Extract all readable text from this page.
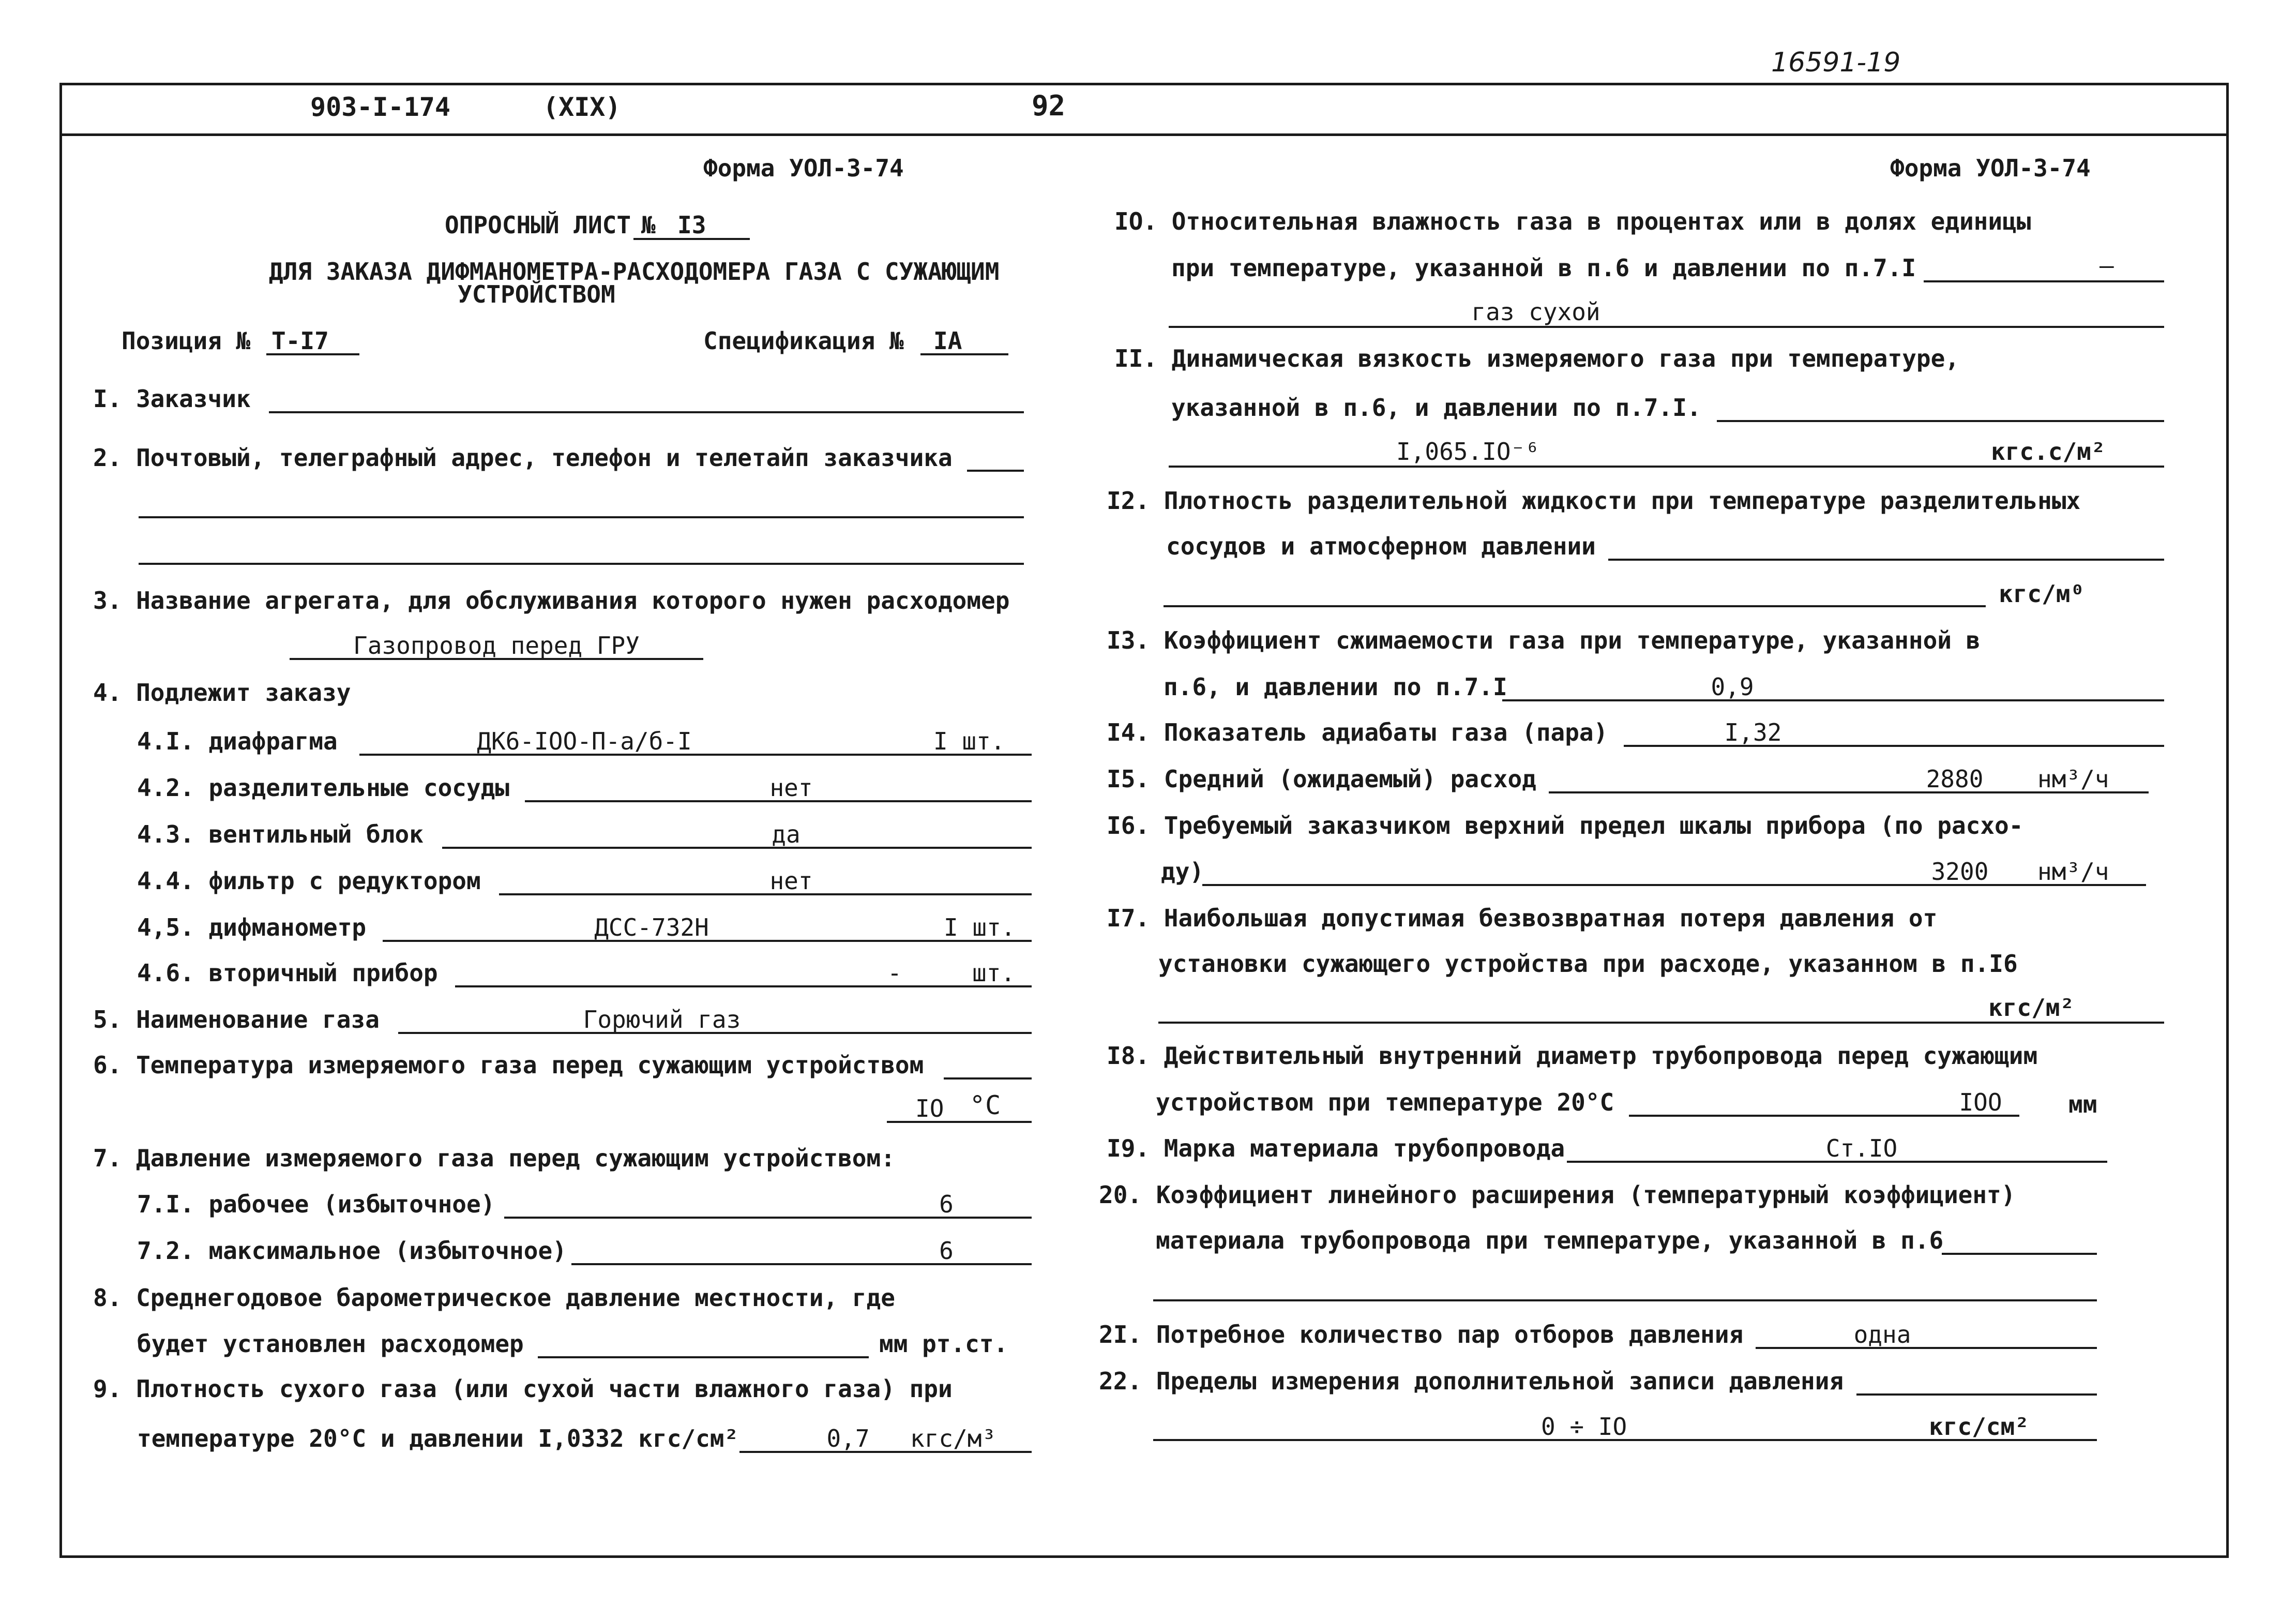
16591-19
903-I-174	(XIX)	92
Форма УОЛ-3-74
ОПРОСНЫЙ ЛИСТ № I3
ДЛЯ ЗАКАЗА ДИФМАНОМЕТРА-РАСХОДОМЕРА ГАЗА С СУЖАЮЩИМ
УСТРОЙСТВОМ
Позиция № Т-I7	Спецификация № IA
I. Заказчик
2. Почтовый, телеграфный адрес, телефон и телетайп заказчика
3. Название агрегата, для обслуживания которого нужен расходомер
Газопровод перед ГРУ
4. Подлежит заказу
4.I. диафрагма	ДК6-IOO-П-а/б-I	I шт.
4.2. разделительные сосуды	нет
4.3. вентильный блок	да
4.4. фильтр с редуктором	нет
4,5. дифманометр	ДСС-732Н	I шт.
4.6. вторичный прибор	-	шт.
5. Наименование газа	Горючий газ
6. Температура измеряемого газа перед сужающим устройством
IO °C
7. Давление измеряемого газа перед сужающим устройством:
7.I. рабочее (избыточное)	6
7.2. максимальное (избыточное)	6
8. Среднегодовое барометрическое давление местности, где
будет установлен расходомер	мм рт.ст.
9. Плотность сухого газа (или сухой части влажного газа) при
температуре 20°С и давлении I,0332 кгс/см²	0,7	кгс/м³
Форма УОЛ-3-74
IO. Относительная влажность газа в процентах или в долях единицы
при температуре, указанной в п.6 и давлении по п.7.I	—
газ сухой
II. Динамическая вязкость измеряемого газа при температуре,
указанной в п.6, и давлении по п.7.I.
I,065.IO⁻⁶	кгс.с/м²
I2. Плотность разделительной жидкости при температуре разделительных
сосудов и атмосферном давлении
кгс/м⁰
I3. Коэффициент сжимаемости газа при температуре, указанной в
п.6, и давлении по п.7.I	0,9
I4. Показатель адиабаты газа (пара)	I,32
I5. Средний (ожидаемый) расход	2880	нм³/ч
I6. Требуемый заказчиком верхний предел шкалы прибора (по расхо-
ду)	3200	нм³/ч
I7. Наибольшая допустимая безвозвратная потеря давления от
установки сужающего устройства при расходе, указанном в п.I6
кгс/м²
I8. Действительный внутренний диаметр трубопровода перед сужающим
устройством при температуре 20°С	IOO	мм
I9. Марка материала трубопровода	Ст.IO
20. Коэффициент линейного расширения (температурный коэффициент)
материала трубопровода при температуре, указанной в п.6
2I. Потребное количество пар отборов давления	одна
22. Пределы измерения дополнительной записи давления
0 ÷ IO	кгс/см²
